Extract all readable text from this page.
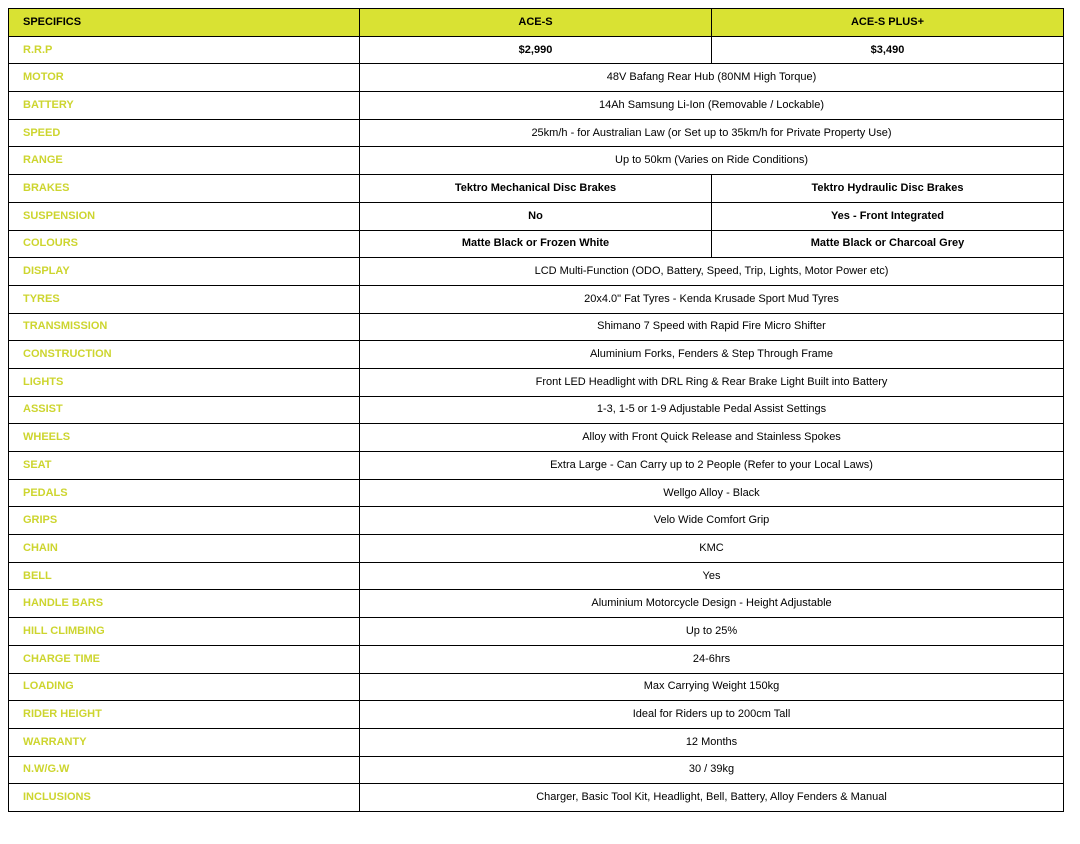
SPECIFICS	ACE-S	ACE-S PLUS+
R.R.P	$2,990	$3,490
MOTOR	48V Bafang Rear Hub (80NM High Torque)	
BATTERY	14Ah Samsung Li-Ion (Removable / Lockable)	
SPEED	25km/h - for Australian Law (or Set up to 35km/h for Private Property Use)	
RANGE	Up to 50km (Varies on Ride Conditions)	
BRAKES	Tektro Mechanical Disc Brakes	Tektro Hydraulic Disc Brakes
SUSPENSION	No	Yes - Front Integrated
COLOURS	Matte Black or Frozen White	Matte Black or Charcoal Grey
DISPLAY	LCD Multi-Function (ODO, Battery, Speed, Trip, Lights, Motor Power etc)	
TYRES	20x4.0" Fat Tyres - Kenda Krusade Sport Mud Tyres	
TRANSMISSION	Shimano 7 Speed with Rapid Fire Micro Shifter	
CONSTRUCTION	Aluminium Forks, Fenders & Step Through Frame	
LIGHTS	Front LED Headlight with DRL Ring & Rear Brake Light Built into Battery	
ASSIST	1-3, 1-5 or 1-9 Adjustable Pedal Assist Settings	
WHEELS	Alloy with Front Quick Release and Stainless Spokes	
SEAT	Extra Large - Can Carry up to 2 People (Refer to your Local Laws)	
PEDALS	Wellgo Alloy - Black	
GRIPS	Velo Wide Comfort Grip	
CHAIN	KMC	
BELL	Yes	
HANDLE BARS	Aluminium Motorcycle Design - Height Adjustable	
HILL CLIMBING	Up to 25%	
CHARGE TIME	24-6hrs	
LOADING	Max Carrying Weight 150kg	
RIDER HEIGHT	Ideal for Riders up to 200cm Tall	
WARRANTY	12 Months	
N.W/G.W	30 / 39kg	
INCLUSIONS	Charger, Basic Tool Kit, Headlight, Bell, Battery, Alloy Fenders & Manual	
